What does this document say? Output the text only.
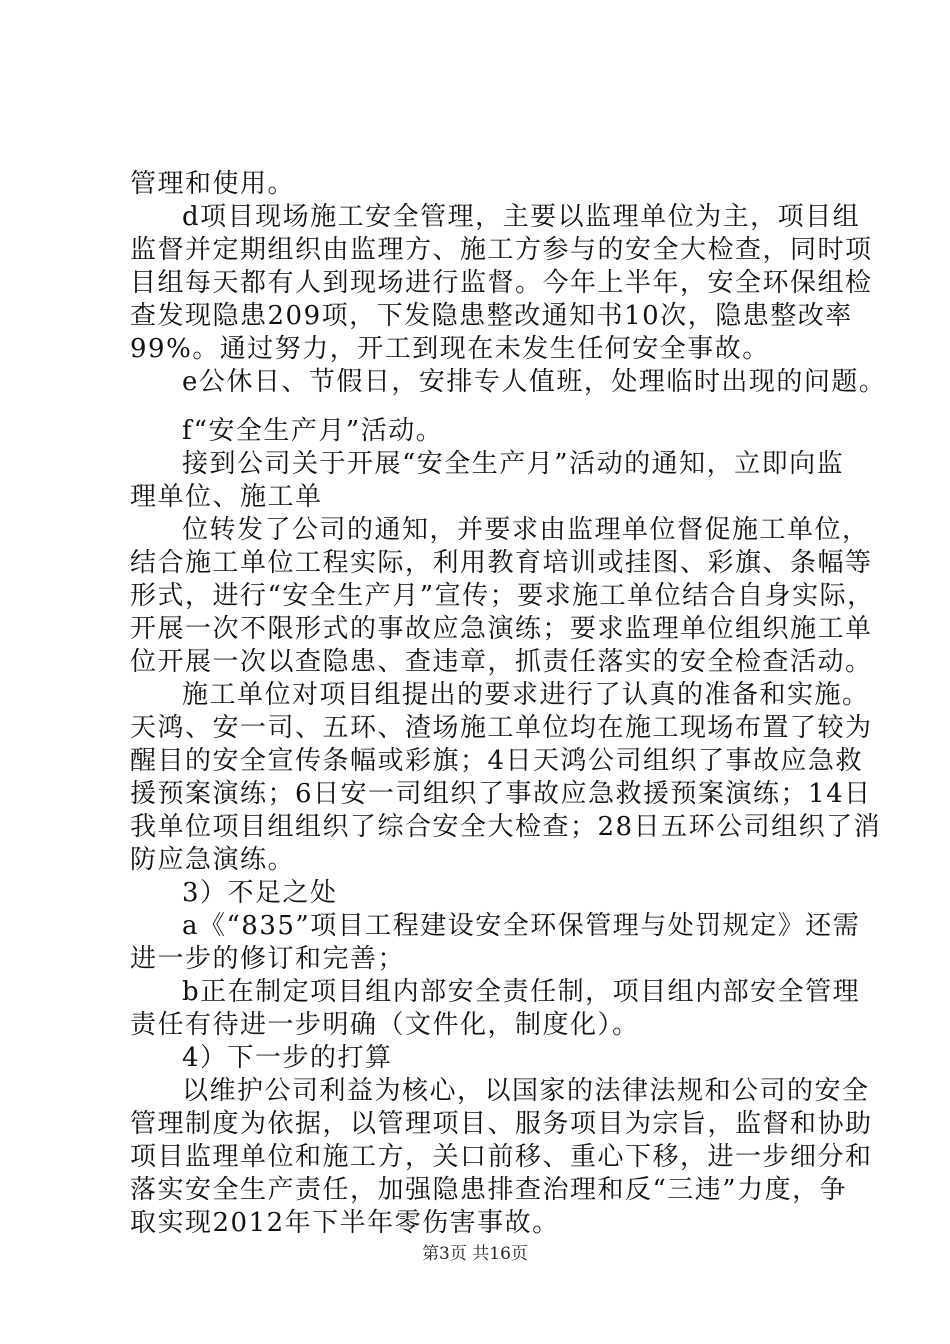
管理和使用。
d项目现场施工安全管理，主要以监理单位为主，项目组
监督并定期组织由监理方、施工方参与的安全大检查，同时项
目组每天都有人到现场进行监督。今年上半年，安全环保组检
查发现隐患209项，下发隐患整改通知书10次，隐患整改率
99%。通过努力，开工到现在未发生任何安全事故。
e公休日、节假日，安排专人值班，处理临时出现的问题。
f“安全生产月”活动。
接到公司关于开展“安全生产月”活动的通知，立即向监
理单位、施工单
位转发了公司的通知，并要求由监理单位督促施工单位，
结合施工单位工程实际，利用教育培训或挂图、彩旗、条幅等
形式，进行“安全生产月”宣传；要求施工单位结合自身实际，
开展一次不限形式的事故应急演练；要求监理单位组织施工单
位开展一次以查隐患、查违章，抓责任落实的安全检查活动。
施工单位对项目组提出的要求进行了认真的准备和实施。
天鸿、安一司、五环、渣场施工单位均在施工现场布置了较为
醒目的安全宣传条幅或彩旗；4日天鸿公司组织了事故应急救
援预案演练；6日安一司组织了事故应急救援预案演练；14日
我单位项目组组织了综合安全大检查；28日五环公司组织了消
防应急演练。
3）不足之处
a《“835”项目工程建设安全环保管理与处罚规定》还需
进一步的修订和完善；
b正在制定项目组内部安全责任制，项目组内部安全管理
责任有待进一步明确（文件化，制度化）。
4）下一步的打算
以维护公司利益为核心，以国家的法律法规和公司的安全
管理制度为依据，以管理项目、服务项目为宗旨，监督和协助
项目监理单位和施工方，关口前移、重心下移，进一步细分和
落实安全生产责任，加强隐患排查治理和反“三违”力度，争
取实现2012年下半年零伤害事故。
第3页 共16页
